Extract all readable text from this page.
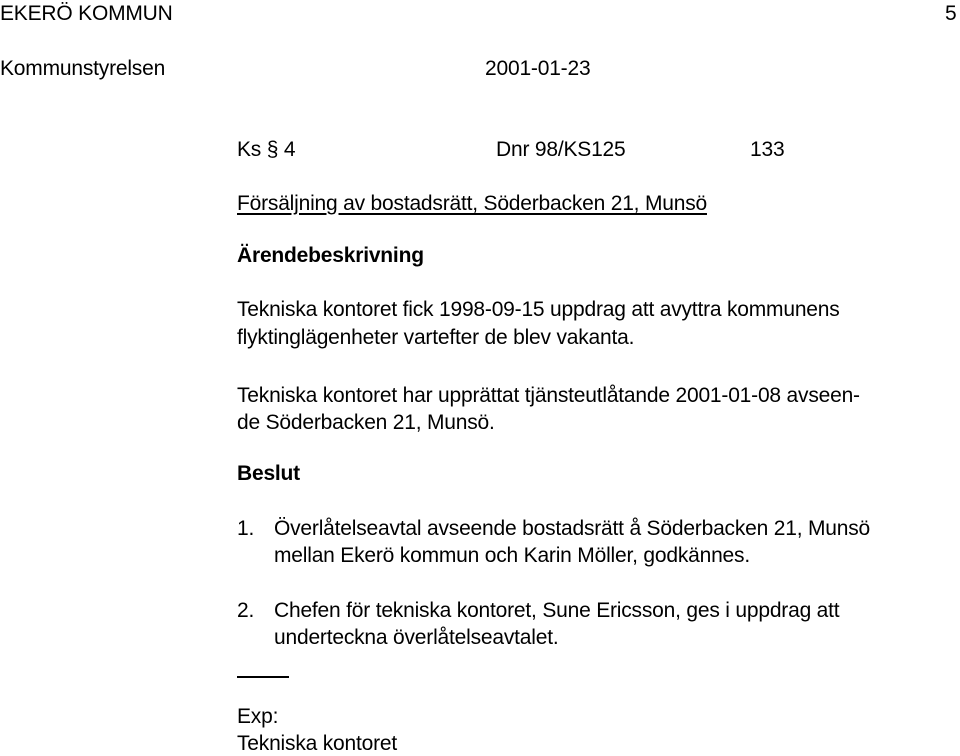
EKERÖ KOMMUN	5
Kommunstyrelsen	2001-01-23
Ks § 4	Dnr 98/KS125	133
Försäljning av bostadsrätt, Söderbacken 21, Munsö
Ärendebeskrivning
Tekniska kontoret fick 1998-09-15 uppdrag att avyttra kommunens
flyktinglägenheter vartefter de blev vakanta.
Tekniska kontoret har upprättat tjänsteutlåtande 2001-01-08 avseen-
de Söderbacken 21, Munsö.
Beslut
1. Överlåtelseavtal avseende bostadsrätt å Söderbacken 21, Munsö
mellan Ekerö kommun och Karin Möller, godkännes.
2. Chefen för tekniska kontoret, Sune Ericsson, ges i uppdrag att
underteckna överlåtelseavtalet.
Exp:
Tekniska kontoret
